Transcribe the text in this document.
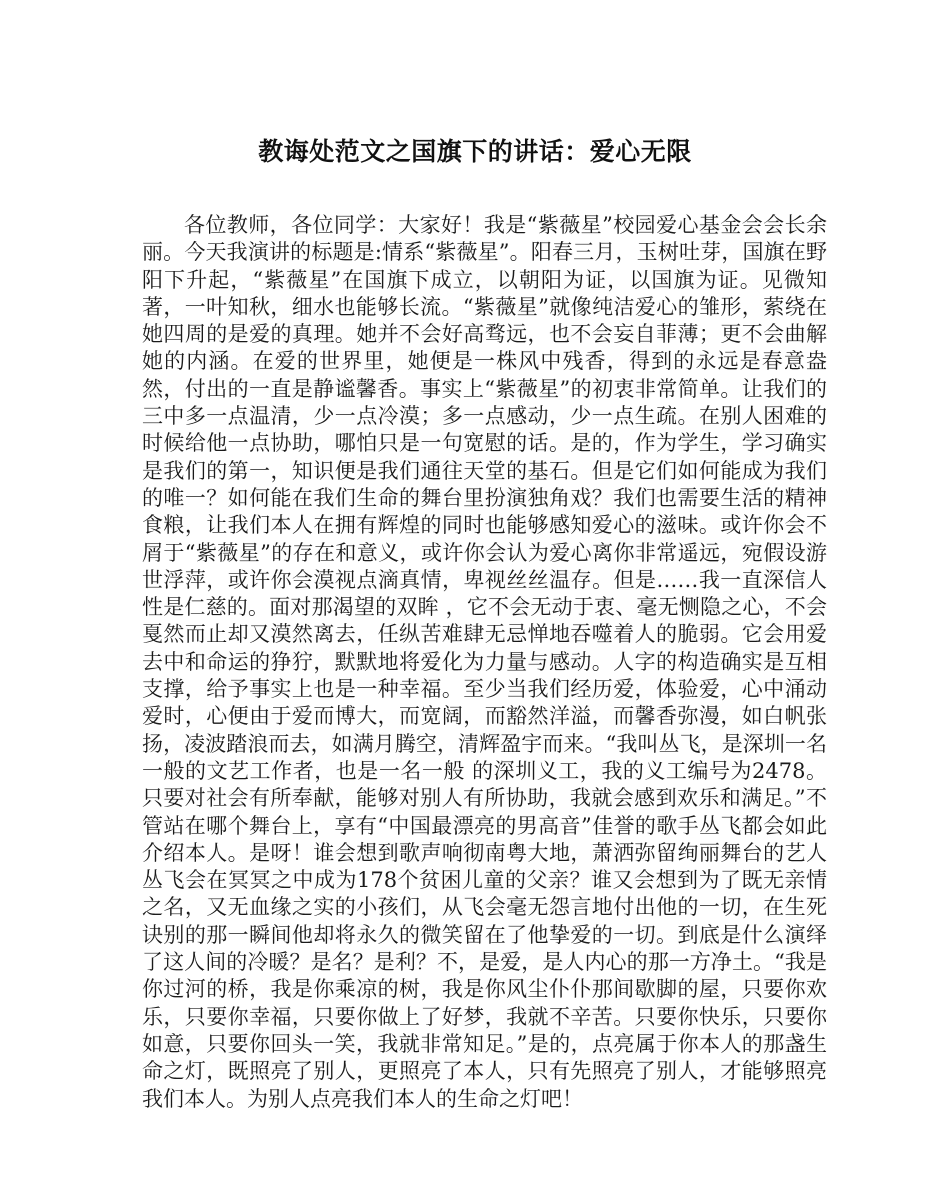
教诲处范文之国旗下的讲话：爱心无限

各位教师，各位同学：大家好！我是“紫薇星”校园爱心基金会会长余丽。今天我演讲的标题是:情系“紫薇星”。阳春三月，玉树吐芽，国旗在野阳下升起，“紫薇星”在国旗下成立，以朝阳为证，以国旗为证。见微知著，一叶知秋，细水也能够长流。“紫薇星”就像纯洁爱心的雏形，萦绕在她四周的是爱的真理。她并不会好高骛远，也不会妄自菲薄；更不会曲解她的内涵。在爱的世界里，她便是一株风中残香，得到的永远是春意盎然，付出的一直是静谧馨香。事实上“紫薇星”的初衷非常简单。让我们的三中多一点温清，少一点冷漠；多一点感动，少一点生疏。在别人困难的时候给他一点协助，哪怕只是一句宽慰的话。是的，作为学生，学习确实是我们的第一，知识便是我们通往天堂的基石。但是它们如何能成为我们的唯一？如何能在我们生命的舞台里扮演独角戏？我们也需要生活的精神食粮，让我们本人在拥有辉煌的同时也能够感知爱心的滋味。或许你会不屑于“紫薇星”的存在和意义，或许你会认为爱心离你非常遥远，宛假设游世浮萍，或许你会漠视点滴真情，卑视丝丝温存。但是……我一直深信人性是仁慈的。面对那渴望的双眸 ，它不会无动于衷、毫无恻隐之心，不会戛然而止却又漠然离去，任纵苦难肆无忌惮地吞噬着人的脆弱。它会用爱去中和命运的狰狞，默默地将爱化为力量与感动。人字的构造确实是互相支撑，给予事实上也是一种幸福。至少当我们经历爱，体验爱，心中涌动爱时，心便由于爱而博大，而宽阔，而豁然洋溢，而馨香弥漫，如白帆张扬，凌波踏浪而去，如满月腾空，清辉盈宇而来。“我叫丛飞，是深圳一名一般的文艺工作者，也是一名一般 的深圳义工，我的义工编号为2478。只要对社会有所奉献，能够对别人有所协助，我就会感到欢乐和满足。”不管站在哪个舞台上，享有“中国最漂亮的男高音”佳誉的歌手丛飞都会如此介绍本人。是呀！谁会想到歌声响彻南粤大地，萧洒弥留绚丽舞台的艺人丛飞会在冥冥之中成为178个贫困儿童的父亲？谁又会想到为了既无亲情之名，又无血缘之实的小孩们，从飞会毫无怨言地付出他的一切，在生死诀别的那一瞬间他却将永久的微笑留在了他挚爱的一切。到底是什么演绎了这人间的冷暖？是名？是利？不，是爱，是人内心的那一方净土。“我是你过河的桥，我是你乘凉的树，我是你风尘仆仆那间歇脚的屋，只要你欢乐，只要你幸福，只要你做上了好梦，我就不辛苦。只要你快乐，只要你如意，只要你回头一笑，我就非常知足。”是的，点亮属于你本人的那盏生命之灯，既照亮了别人，更照亮了本人，只有先照亮了别人，才能够照亮我们本人。为别人点亮我们本人的生命之灯吧！
